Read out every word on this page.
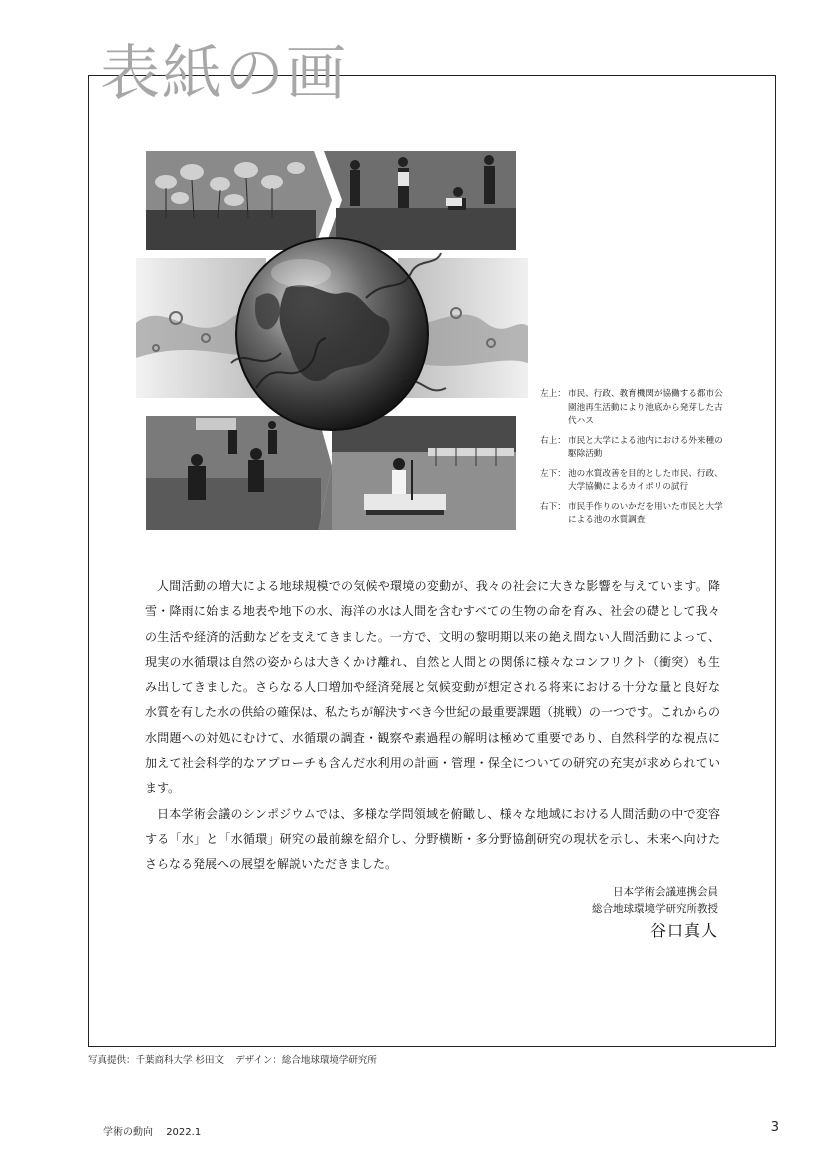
表紙の画
左上： 市民、行政、教育機関が協働する都市公園池再生活動により池底から発芽した古代ハス
右上： 市民と大学による池内における外来種の駆除活動
左下： 池の水質改善を目的とした市民、行政、大学協働によるカイボリの試行
右下： 市民手作りのいかだを用いた市民と大学による池の水質調査

人間活動の増大による地球規模での気候や環境の変動が、我々の社会に大きな影響を与えています。降雪・降雨に始まる地表や地下の水、海洋の水は人間を含むすべての生物の命を育み、社会の礎として我々の生活や経済的活動などを支えてきました。一方で、文明の黎明期以来の絶え間ない人間活動によって、現実の水循環は自然の姿からは大きくかけ離れ、自然と人間との関係に様々なコンフリクト（衝突）も生み出してきました。さらなる人口増加や経済発展と気候変動が想定される将来における十分な量と良好な水質を有した水の供給の確保は、私たちが解決すべき今世紀の最重要課題（挑戦）の一つです。これからの水問題への対処にむけて、水循環の調査・観察や素過程の解明は極めて重要であり、自然科学的な視点に加えて社会科学的なアプローチも含んだ水利用の計画・管理・保全についての研究の充実が求められています。

日本学術会議のシンポジウムでは、多様な学問領域を俯瞰し、様々な地域における人間活動の中で変容する「水」と「水循環」研究の最前線を紹介し、分野横断・多分野協創研究の現状を示し、未来へ向けたさらなる発展への展望を解説いただきました。

日本学術会議連携会員
総合地球環境学研究所教授
谷口真人
写真提供：千葉商科大学 杉田文 デザイン：総合地球環境学研究所
学術の動向 2022.1	3
